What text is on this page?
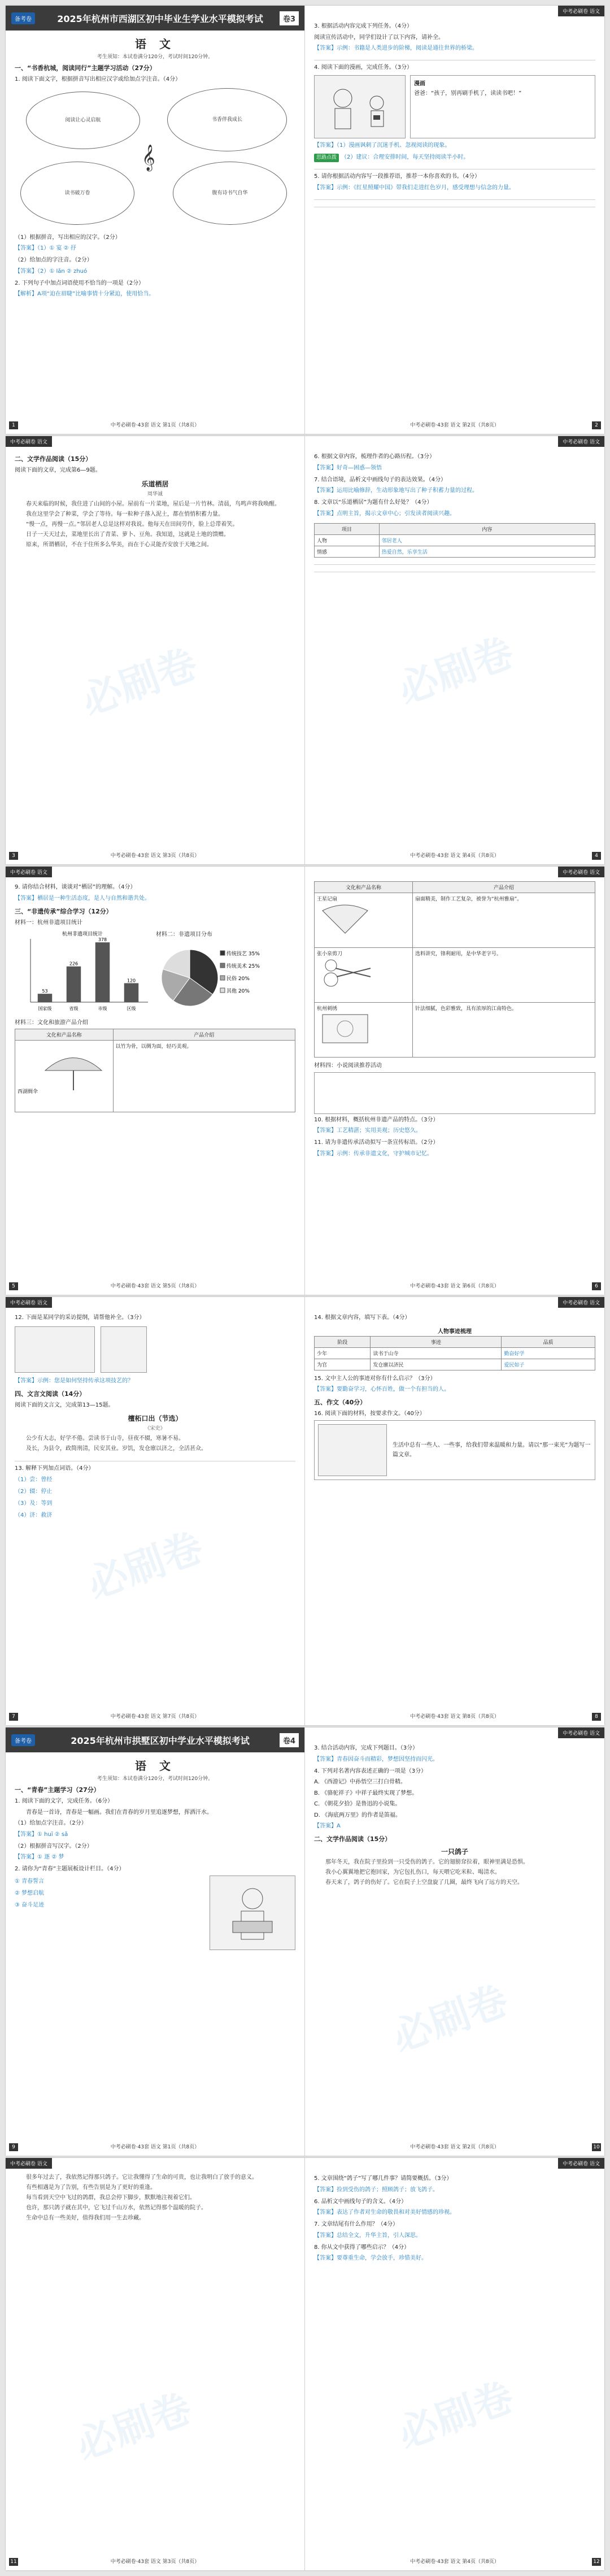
备考卷	2025年杭州市西湖区初中毕业生学业水平模拟考试	卷3
语 文
考生须知：本试卷满分120分，考试时间120分钟。
一、“书香杭城，阅读同行”主题学习活动（27分）
1. 阅读下面文字，根据拼音写出相应汉字或给加点字注音。（4分）
阅读让心灵启航	书香伴我成长
读书破万卷	腹有诗书气自华
𝄞
（1）根据拼音，写出相应的汉字。（2分）
【答案】（1）① 宴 ② 抒
（2）给加点的字注音。（2分）
【答案】（2）① lǎn ② zhuó
2. 下列句子中加点词语使用不恰当的一项是（2分）
【解析】A项“迫在眉睫”比喻事情十分紧迫，使用恰当。
中考必刷卷·43套 语文 第1页（共8页）
1
中考必刷卷 语文
3. 根据活动内容完成下列任务。（4分）
阅读宣传活动中，同学们设计了以下内容，请补全。
【答案】示例：书籍是人类进步的阶梯，阅读是通往世界的桥梁。
4. 阅读下面的漫画，完成任务。（3分）
漫画
爸爸：“孩子，别再刷手机了，读读书吧！”
【答案】（1）漫画讽刺了沉迷手机、忽视阅读的现象。
思路点拨 （2）建议：合理安排时间，每天坚持阅读半小时。
5. 请你根据活动内容写一段推荐语，推荐一本你喜欢的书。（4分）
【答案】示例：《红星照耀中国》带我们走进红色岁月，感受理想与信念的力量。
中考必刷卷·43套 语文 第2页（共8页）	2
中考必刷卷 语文
二、文学作品阅读（15分）
阅读下面的文章，完成第6—9题。
乐道栖居
周华诚

春天来临的时候，我住进了山间的小屋。屋前有一片菜地，屋后是一片竹林。清晨，鸟鸣声将我唤醒。

我在这里学会了种菜，学会了等待。每一粒种子落入泥土，都在悄悄积蓄力量。

“慢一点，再慢一点。”邻居老人总是这样对我说。他每天在田间劳作，脸上总带着笑。

日子一天天过去，菜地里长出了青菜、萝卜、豆角。我知道，这就是土地的馈赠。

原来，所谓栖居，不在于住所多么华美，而在于心灵能否安放于天地之间。

必刷卷
中考必刷卷·43套 语文 第3页（共8页）
3
中考必刷卷 语文
6. 根据文章内容，梳理作者的心路历程。（3分）
【答案】好奇—困惑—领悟
7. 结合语境，品析文中画线句子的表达效果。（4分）
【答案】运用比喻修辞，生动形象地写出了种子积蓄力量的过程。
8. 文章以“乐道栖居”为题有什么好处？（4分）
【答案】点明主旨，揭示文章中心；引发读者阅读兴趣。
项目	内容
人物	邻居老人
情感	热爱自然，乐享生活
必刷卷
中考必刷卷·43套 语文 第4页（共8页）	4
中考必刷卷 语文
9. 请你结合材料，谈谈对“栖居”的理解。（4分）
【答案】栖居是一种生活态度，是人与自然和谐共处。
三、“非遗传承”综合学习（12分）
材料一：杭州非遗项目统计
杭州非遗项目统计
53
国家级
226
省级
378
市级
120
区级
材料二：非遗项目分布
传统技艺 35%
传统美术 25%
民俗 20%
其他 20%
材料三：文化和旅游产品介绍
文化和产品名称	产品介绍
西湖绸伞	以竹为骨，以绸为面，轻巧美观。
中考必刷卷·43套 语文 第5页（共8页）
5
中考必刷卷 语文
文化和产品名称	产品介绍
王星记扇	扇面精美，制作工艺复杂，被誉为“杭州雅扇”。
张小泉剪刀	选料讲究，锋利耐用，是中华老字号。
杭州刺绣	针法细腻，色彩雅致，具有浓厚的江南特色。
材料四：小说阅读推荐活动
10. 根据材料，概括杭州非遗产品的特点。（3分）
【答案】工艺精湛；实用美观；历史悠久。
11. 请为非遗传承活动拟写一条宣传标语。（2分）
【答案】示例：传承非遗文化，守护城市记忆。
中考必刷卷·43套 语文 第6页（共8页）	6
中考必刷卷 语文
12. 下面是某同学的采访提纲，请帮他补全。（3分）
【答案】示例：您是如何坚持传承这项技艺的？
四、文言文阅读（14分）
阅读下面的文言文，完成第13—15题。
檀柘口出（节选）
《宋史》

公少有大志，好学不倦。尝读书于山寺，昼夜不辍，寒暑不易。

及长，为县令，政简刑清，民安其业。岁饥，发仓廪以济之，全活甚众。

13. 解释下列加点词语。（4分）
（1）尝：曾经
（2）辍：停止
（3）及：等到
（4）济：救济
必刷卷
中考必刷卷·43套 语文 第7页（共8页）
7
中考必刷卷 语文
14. 根据文章内容，填写下表。（4分）
人物事迹梳理
阶段	事迹	品质
少年	读书于山寺	勤奋好学
为官	发仓廪以济民	爱民如子
15. 文中主人公的事迹对你有什么启示？（3分）
【答案】要勤奋学习，心怀百姓，做一个有担当的人。
五、作文（40分）
16. 阅读下面的材料，按要求作文。（40分）
生活中总有一些人、一些事，给我们带来温暖和力量。请以“那一束光”为题写一篇文章。
中考必刷卷·43套 语文 第8页（共8页）	8
备考卷	2025年杭州市拱墅区初中学业水平模拟考试	卷4
语 文
考生须知：本试卷满分120分，考试时间120分钟。
一、“青春”主题学习（27分）
1. 阅读下面的文字，完成任务。（6分）
青春是一首诗，青春是一幅画。我们在青春的岁月里追逐梦想，挥洒汗水。
（1）给加点字注音。（2分）
【答案】① huī ② sǎ
（2）根据拼音写汉字。（2分）
【答案】① 逐 ② 梦
2. 请你为“青春”主题展板设计栏目。（4分）
① 青春誓言
② 梦想启航
③ 奋斗足迹
中考必刷卷·43套 语文 第1页（共8页）
9
中考必刷卷 语文
3. 结合活动内容，完成下列题目。（3分）
【答案】青春因奋斗而精彩，梦想因坚持而闪光。
4. 下列对名著内容表述正确的一项是（3分）
A. 《西游记》中孙悟空三打白骨精。
B. 《骆驼祥子》中祥子最终实现了梦想。
C. 《朝花夕拾》是鲁迅的小说集。
D. 《海底两万里》的作者是笛福。
【答案】A
二、文学作品阅读（15分）
一只鸽子

那年冬天，我在院子里捡到一只受伤的鸽子。它的翅膀耷拉着，眼神里满是恐惧。

我小心翼翼地把它抱回家，为它包扎伤口，每天喂它吃米粒、喝清水。

春天来了，鸽子的伤好了。它在院子上空盘旋了几圈，最终飞向了远方的天空。

必刷卷
中考必刷卷·43套 语文 第2页（共8页）	10
中考必刷卷 语文

很多年过去了，我依然记得那只鸽子。它让我懂得了生命的可贵，也让我明白了放手的意义。

有些相遇是为了告别，有些告别是为了更好的重逢。

每当看到天空中飞过的鸽群，我总会停下脚步，默默地注视着它们。

也许，那只鸽子就在其中，它飞过千山万水，依然记得那个温暖的院子。

生命中总有一些美好，值得我们用一生去珍藏。

必刷卷
中考必刷卷·43套 语文 第3页（共8页）
11
中考必刷卷 语文
5. 文章围绕“鸽子”写了哪几件事？请简要概括。（3分）
【答案】捡到受伤的鸽子；照顾鸽子；放飞鸽子。
6. 品析文中画线句子的含义。（4分）
【答案】表达了作者对生命的敬畏和对美好情感的珍视。
7. 文章结尾有什么作用？（4分）
【答案】总结全文，升华主旨，引人深思。
8. 你从文中获得了哪些启示？（4分）
【答案】要尊重生命，学会放手，珍惜美好。
必刷卷
中考必刷卷·43套 语文 第4页（共8页）	12
